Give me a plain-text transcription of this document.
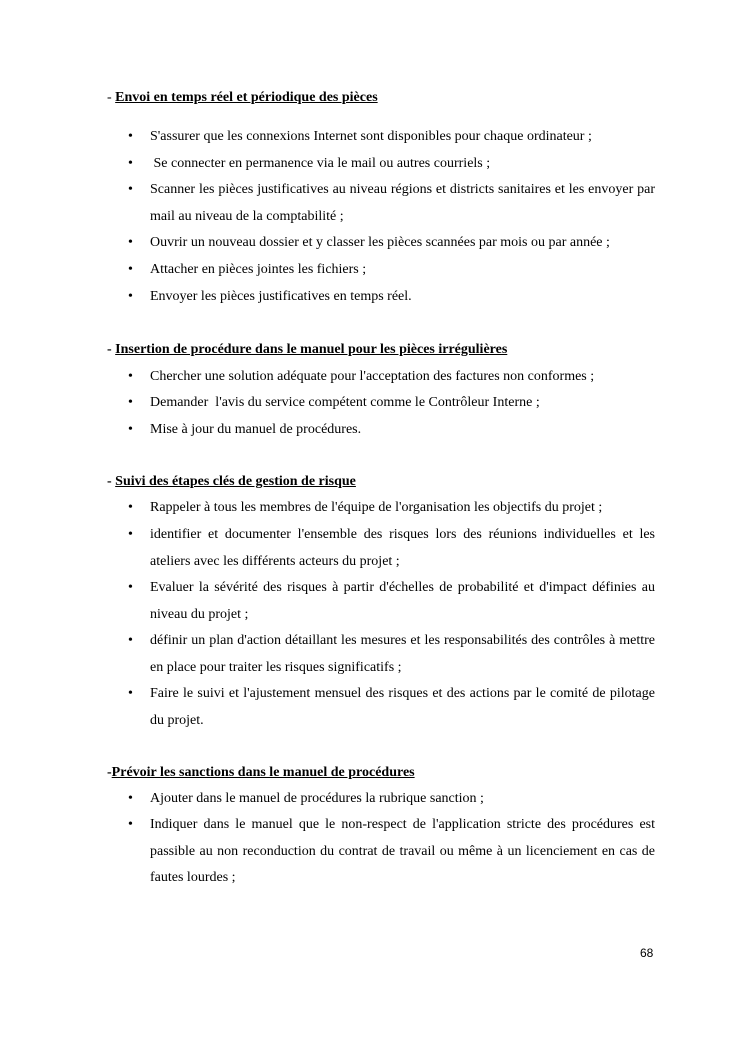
- Envoi en temps réel et périodique des pièces
• S'assurer que les connexions Internet sont disponibles pour chaque ordinateur ;
• Se connecter en permanence via le mail ou autres courriels ;
• Scanner les pièces justificatives au niveau régions et districts sanitaires et les envoyer par mail au niveau de la comptabilité ;
• Ouvrir un nouveau dossier et y classer les pièces scannées par mois ou par année ;
• Attacher en pièces jointes les fichiers ;
• Envoyer les pièces justificatives en temps réel.
- Insertion de procédure dans le manuel pour les pièces irrégulières
• Chercher une solution adéquate pour l'acceptation des factures non conformes ;
• Demander  l'avis du service compétent comme le Contrôleur Interne ;
• Mise à jour du manuel de procédures.
- Suivi des étapes clés de gestion de risque
• Rappeler à tous les membres de l'équipe de l'organisation les objectifs du projet ;
• identifier et documenter l'ensemble des risques lors des réunions individuelles et les ateliers avec les différents acteurs du projet ;
• Evaluer la sévérité des risques à partir d'échelles de probabilité et d'impact définies au niveau du projet ;
• définir un plan d'action détaillant les mesures et les responsabilités des contrôles à mettre en place pour traiter les risques significatifs ;
• Faire le suivi et l'ajustement mensuel des risques et des actions par le comité de pilotage du projet.
-Prévoir les sanctions dans le manuel de procédures
• Ajouter dans le manuel de procédures la rubrique sanction ;
• Indiquer dans le manuel que le non-respect de l'application stricte des procédures est passible au non reconduction du contrat de travail ou même à un licenciement en cas de fautes lourdes ;
68
